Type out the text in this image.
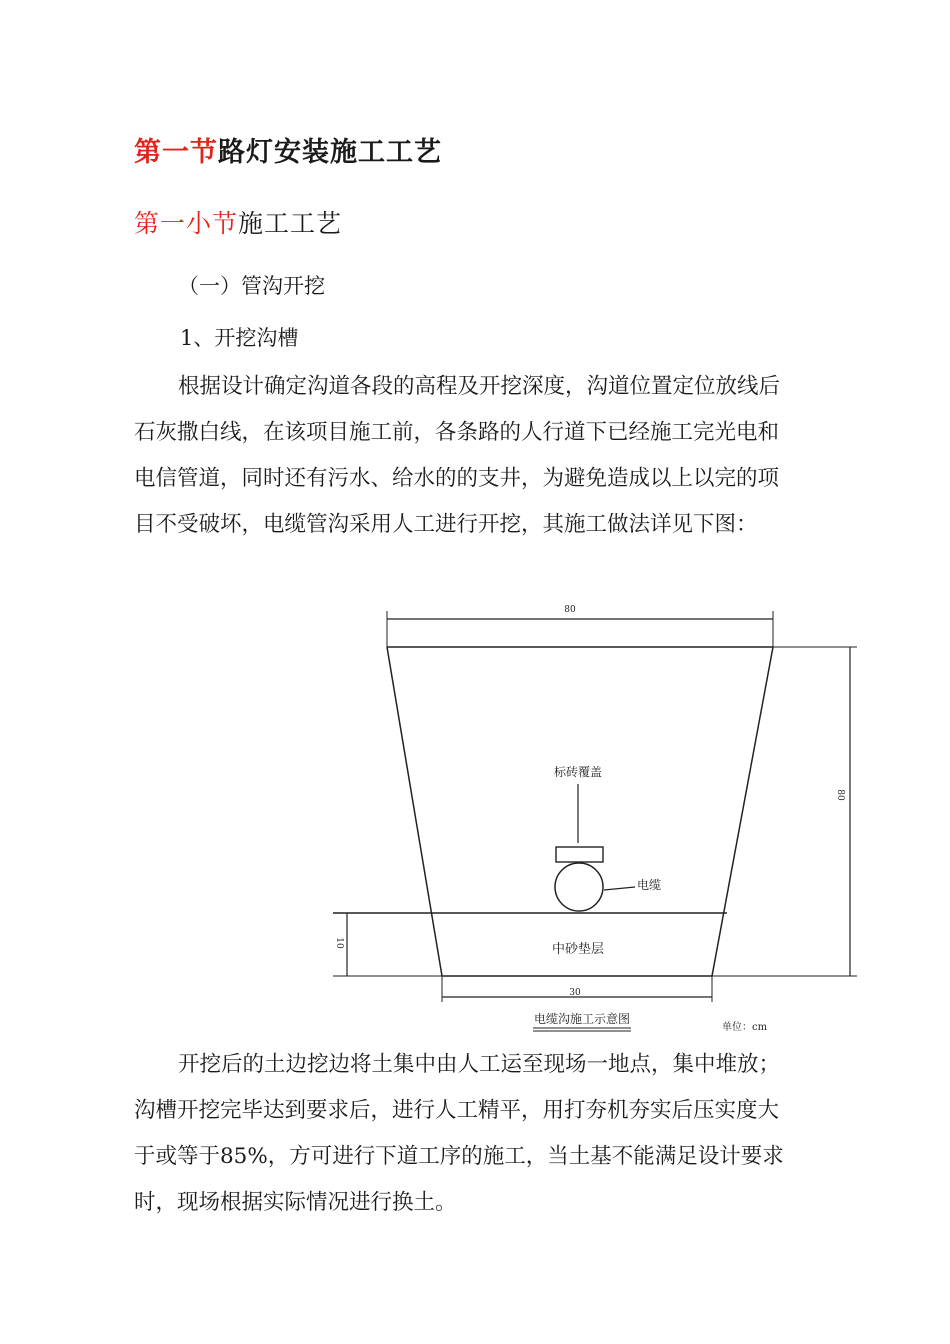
第一节路灯安装施工工艺
第一小节施工工艺
（一）管沟开挖
1、开挖沟槽
根据设计确定沟道各段的高程及开挖深度，沟道位置定位放线后
石灰撒白线，在该项目施工前，各条路的人行道下已经施工完光电和
电信管道，同时还有污水、给水的的支井，为避免造成以上以完的项
目不受破坏，电缆管沟采用人工进行开挖，其施工做法详见下图：
80
80
10	中砂垫层
标砖覆盖
电缆
30
电缆沟施工示意图
单位：cm
开挖后的土边挖边将土集中由人工运至现场一地点，集中堆放；
沟槽开挖完毕达到要求后，进行人工精平，用打夯机夯实后压实度大
于或等于85%，方可进行下道工序的施工，当土基不能满足设计要求
时，现场根据实际情况进行换土。
